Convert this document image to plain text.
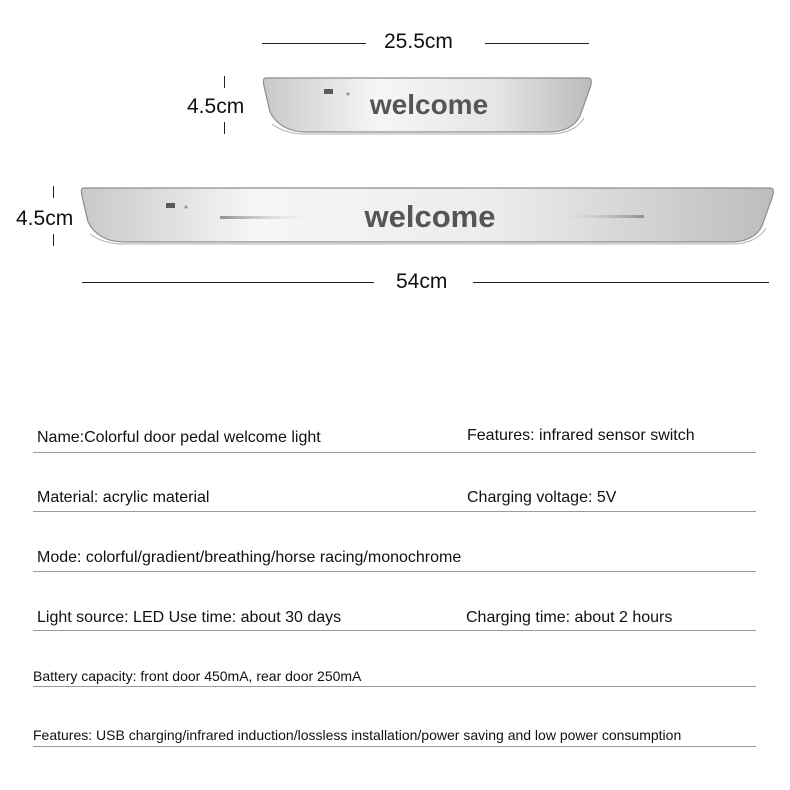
25.5cm
4.5cm	welcome
4.5cm	welcome
54cm
Name:Colorful door pedal welcome light	Features: infrared sensor switch
Material: acrylic material	Charging voltage: 5V
Mode: colorful/gradient/breathing/horse racing/monochrome
Light source: LED Use time: about 30 days	Charging time: about 2 hours
Battery capacity: front door 450mA, rear door 250mA
Features: USB charging/infrared induction/lossless installation/power saving and low power consumption
